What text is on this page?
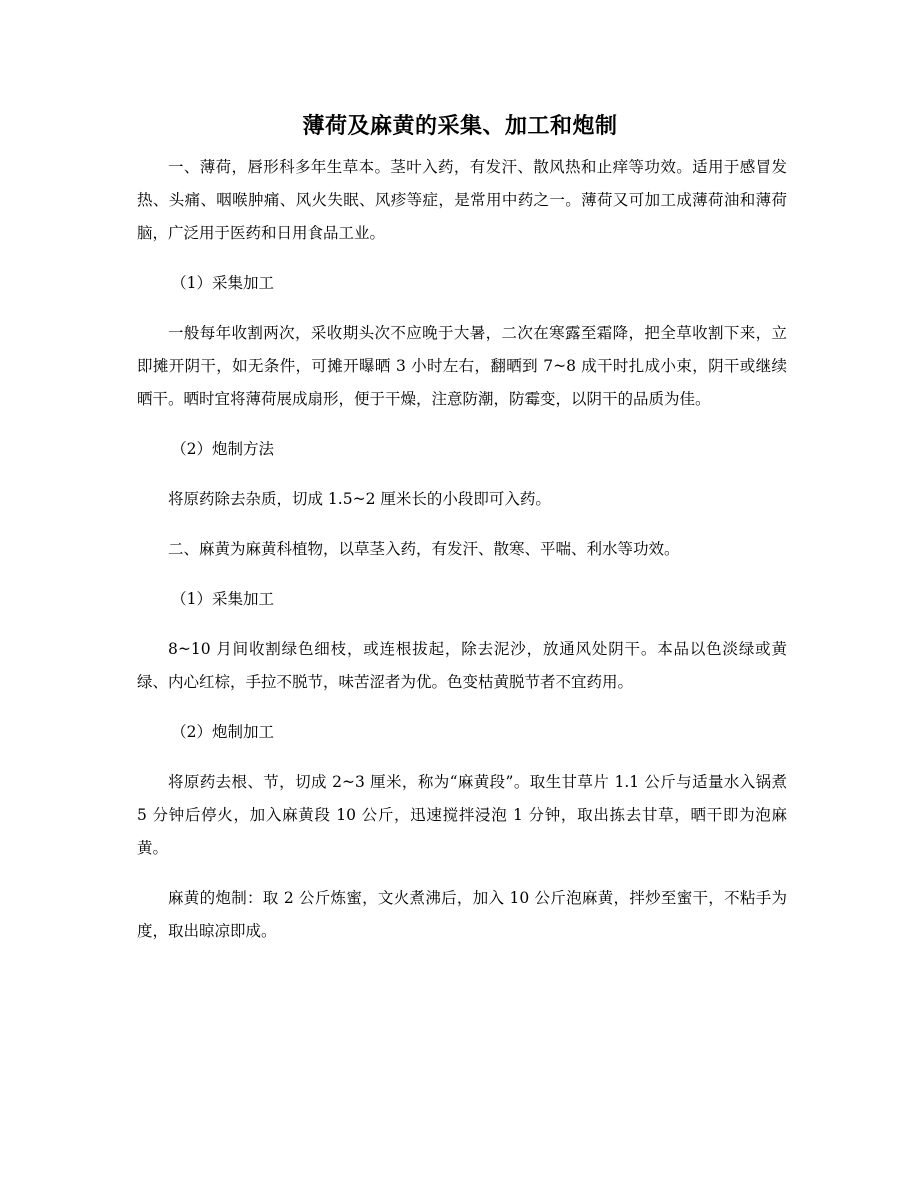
薄荷及麻黄的采集、加工和炮制

一、薄荷，唇形科多年生草本。茎叶入药，有发汗、散风热和止痒等功效。适用于感冒发热、头痛、咽喉肿痛、风火失眠、风疹等症，是常用中药之一。薄荷又可加工成薄荷油和薄荷脑，广泛用于医药和日用食品工业。

（1）采集加工

一般每年收割两次，采收期头次不应晚于大暑，二次在寒露至霜降，把全草收割下来，立即摊开阴干，如无条件，可摊开曝晒 3 小时左右，翻晒到 7~8 成干时扎成小束，阴干或继续晒干。晒时宜将薄荷展成扇形，便于干燥，注意防潮，防霉变，以阴干的品质为佳。

（2）炮制方法

将原药除去杂质，切成 1.5~2 厘米长的小段即可入药。

二、麻黄为麻黄科植物，以草茎入药，有发汗、散寒、平喘、利水等功效。

（1）采集加工

8~10 月间收割绿色细枝，或连根拔起，除去泥沙，放通风处阴干。本品以色淡绿或黄绿、内心红棕，手拉不脱节，味苦涩者为优。色变枯黄脱节者不宜药用。

（2）炮制加工

将原药去根、节，切成 2~3 厘米，称为“麻黄段”。取生甘草片 1.1 公斤与适量水入锅煮 5 分钟后停火，加入麻黄段 10 公斤，迅速搅拌浸泡 1 分钟，取出拣去甘草，晒干即为泡麻黄。

麻黄的炮制：取 2 公斤炼蜜，文火煮沸后，加入 10 公斤泡麻黄，拌炒至蜜干，不粘手为度，取出晾凉即成。
